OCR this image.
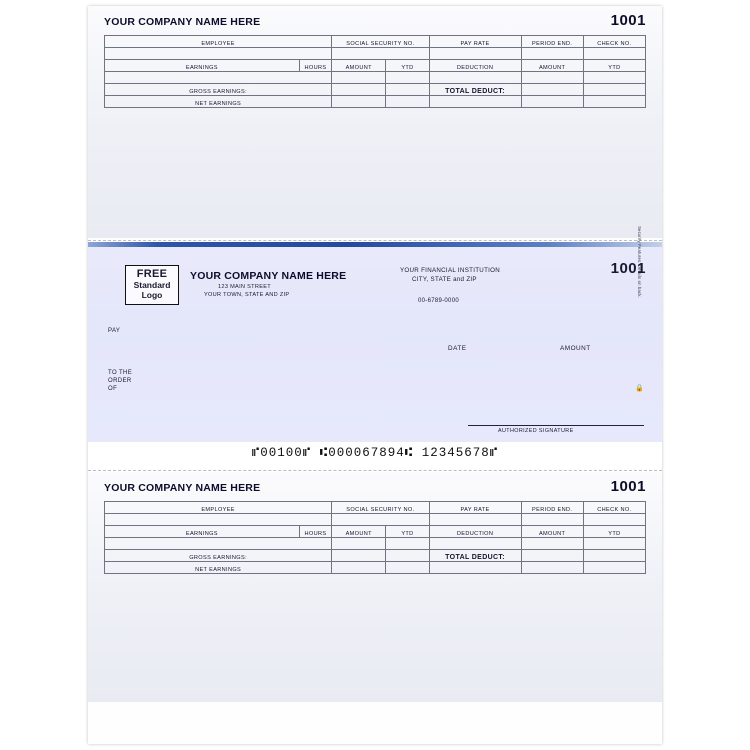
YOUR COMPANY NAME HERE	1001
EMPLOYEE		SOCIAL SECURITY NO.		PAY RATE	PERIOD END.	CHECK NO.

EARNINGS	HOURS	AMOUNT	YTD	DEDUCTION	AMOUNT	YTD

GROSS EARNINGS:				TOTAL DEDUCT:		
NET EARNINGS						
FREE
Standard
Logo
YOUR COMPANY NAME HERE
123 MAIN STREET
YOUR TOWN, STATE AND ZIP
YOUR FINANCIAL INSTITUTION
CITY, STATE and ZIP
00-6789-0000
1001
PAY
DATE	AMOUNT
TO THE
ORDER
OF
AUTHORIZED SIGNATURE
Security Features. Details on back.
🔒
⑈00100⑈ ⑆000067894⑆ 12345678⑈
YOUR COMPANY NAME HERE	1001
EMPLOYEE		SOCIAL SECURITY NO.		PAY RATE	PERIOD END.	CHECK NO.

EARNINGS	HOURS	AMOUNT	YTD	DEDUCTION	AMOUNT	YTD

GROSS EARNINGS:				TOTAL DEDUCT:		
NET EARNINGS						
